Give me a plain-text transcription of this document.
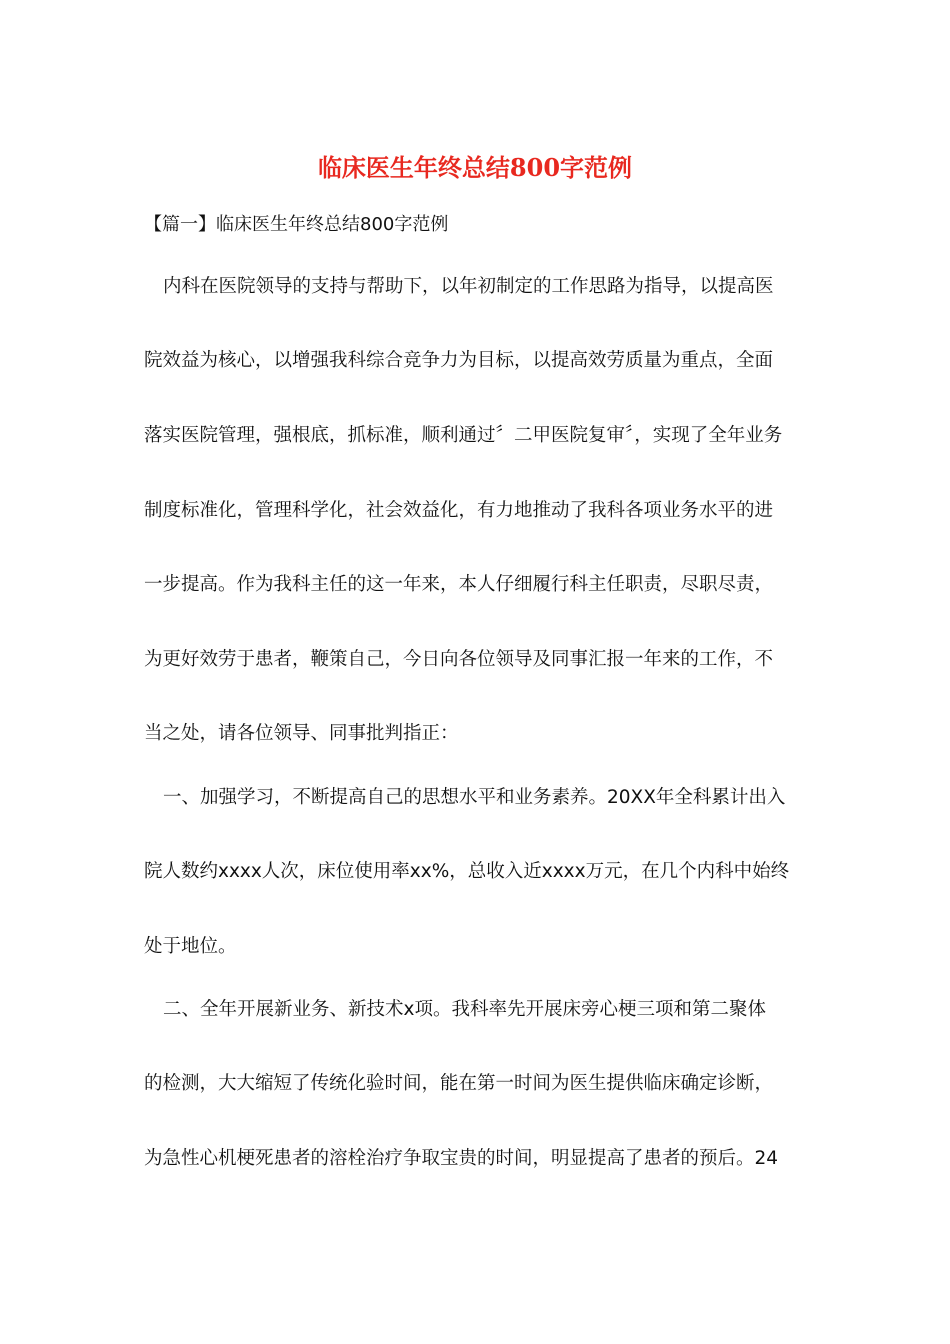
临床医生年终总结800字范例
【篇一】临床医生年终总结800字范例
内科在医院领导的支持与帮助下，以年初制定的工作思路为指导，以提高医
院效益为核心，以增强我科综合竞争力为目标，以提高效劳质量为重点，全面
落实医院管理，强根底，抓标准，顺利通过〞二甲医院复审〞，实现了全年业务
制度标准化，管理科学化，社会效益化，有力地推动了我科各项业务水平的进
一步提高。作为我科主任的这一年来，本人仔细履行科主任职责，尽职尽责，
为更好效劳于患者，鞭策自己，今日向各位领导及同事汇报一年来的工作，不
当之处，请各位领导、同事批判指正：
一、加强学习，不断提高自己的思想水平和业务素养。20XX年全科累计出入
院人数约xxxx人次，床位使用率xx%，总收入近xxxx万元，在几个内科中始终
处于地位。
二、全年开展新业务、新技术x项。我科率先开展床旁心梗三项和第二聚体
的检测，大大缩短了传统化验时间，能在第一时间为医生提供临床确定诊断，
为急性心机梗死患者的溶栓治疗争取宝贵的时间，明显提高了患者的预后。24
